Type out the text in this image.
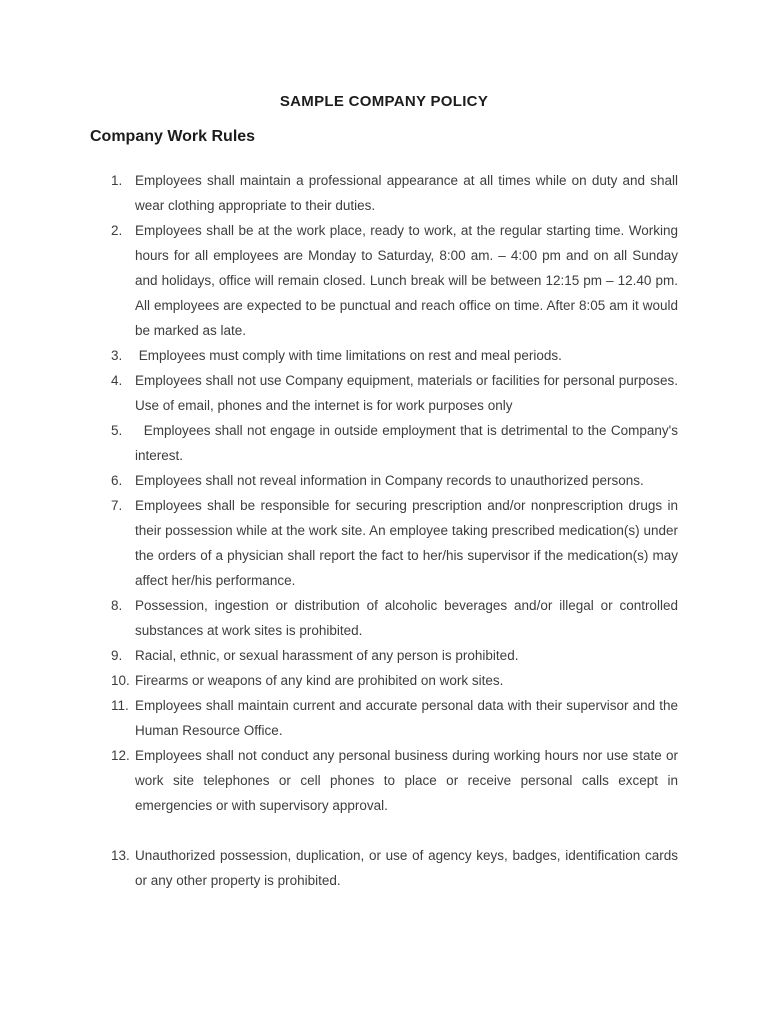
SAMPLE COMPANY POLICY
Company Work Rules
1. Employees shall maintain a professional appearance at all times while on duty and shall wear clothing appropriate to their duties.

2. Employees shall be at the work place, ready to work, at the regular starting time. Working hours for all employees are Monday to Saturday, 8:00 am. – 4:00 pm and on all Sunday and holidays, office will remain closed. Lunch break will be between 12:15 pm – 12.40 pm. All employees are expected to be punctual and reach office on time. After 8:05 am it would be marked as late.

3. Employees must comply with time limitations on rest and meal periods.

4. Employees shall not use Company equipment, materials or facilities for personal purposes. Use of email, phones and the internet is for work purposes only

5. Employees shall not engage in outside employment that is detrimental to the Company's interest.

6. Employees shall not reveal information in Company records to unauthorized persons.

7. Employees shall be responsible for securing prescription and/or nonprescription drugs in their possession while at the work site. An employee taking prescribed medication(s) under the orders of a physician shall report the fact to her/his supervisor if the medication(s) may affect her/his performance.

8. Possession, ingestion or distribution of alcoholic beverages and/or illegal or controlled substances at work sites is prohibited.

9. Racial, ethnic, or sexual harassment of any person is prohibited.

10. Firearms or weapons of any kind are prohibited on work sites.

11. Employees shall maintain current and accurate personal data with their supervisor and the Human Resource Office.

12. Employees shall not conduct any personal business during working hours nor use state or work site telephones or cell phones to place or receive personal calls except in emergencies or with supervisory approval.

13. Unauthorized possession, duplication, or use of agency keys, badges, identification cards or any other property is prohibited.
